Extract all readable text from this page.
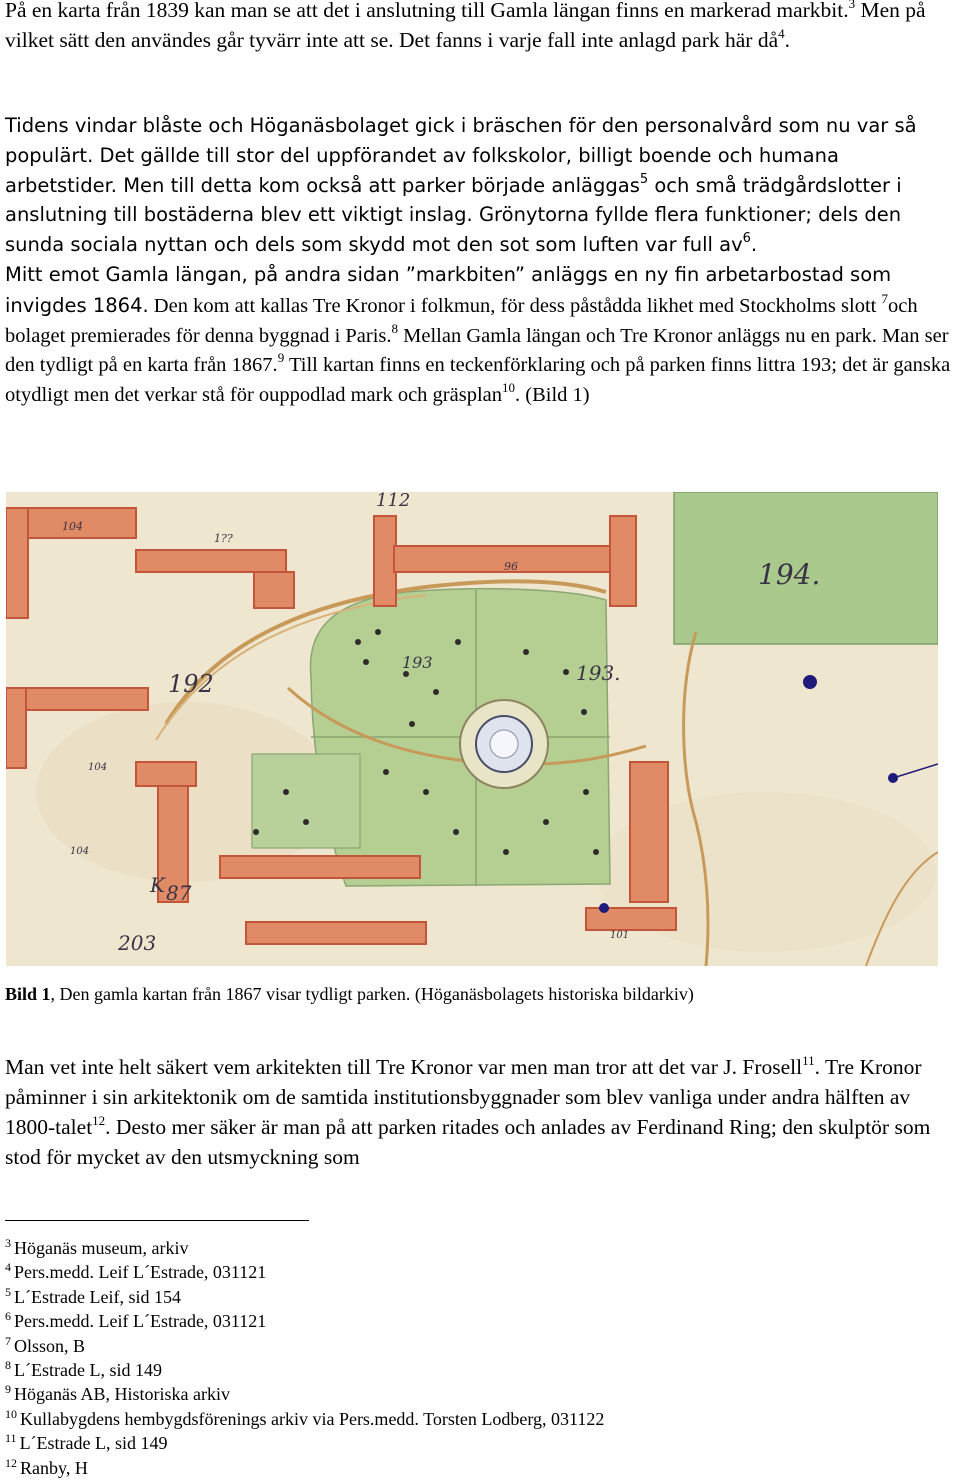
På en karta från 1839 kan man se att det i anslutning till Gamla längan finns en markerad markbit.$^3$ Men på vilket sätt den användes går tyvärr inte att se. Det fanns i varje fall inte anlagd park här $då^4$.

Tidens vindar blåste och Höganäsbolaget gick i bräschen för den personalvård som nu var så populärt. Det gällde till stor del uppförandet av folkskolor, billigt boende och humana arbetstider. Men till detta kom också att parker började anläggas$^5$ och små trädgårdslotter i anslutning till bostäderna blev ett viktigt inslag. Grönytorna fyllde flera funktioner; dels den sunda sociala nyttan och dels som skydd mot den sot som luften var full $av^6$.

Mitt emot Gamla längan, på andra sidan ”markbiten” anläggs en ny fin arbetarbostad som invigdes 1864. Den kom att kallas Tre Kronor i folkmun, för dess påstådda likhet med Stockholms slott $^7$och bolaget premierades för denna byggnad i Paris.$^8$ Mellan Gamla längan och Tre Kronor anläggs nu en park. Man ser den tydligt på en karta från 1867.$^9$ Till kartan finns en teckenförklaring och på parken finns littra 193; det är ganska otydligt men det verkar stå för ouppodlad mark och gräsplan$^{10}$. (Bild 1)

112
104
1??
96	194.
192
193	193.
104
104
K 87
203	101

Bild 1, Den gamla kartan från 1867 visar tydligt parken. (Höganäsbolagets historiska bildarkiv)

Man vet inte helt säkert vem arkitekten till Tre Kronor var men man tror att det var J. Frosell$^{11}$. Tre Kronor påminner i sin arkitektonik om de samtida institutionsbyggnader som blev vanliga under andra hälften av 1800-talet$^{12}$. Desto mer säker är man på att parken ritades och anlades av Ferdinand Ring; den skulptör som stod för mycket av den utsmyckning som

$^3$ Höganäs museum, arkiv
$^4$ Pers.medd. Leif L´Estrade, 031121
$^5$ L´Estrade Leif, sid 154
$^6$ Pers.medd. Leif L´Estrade, 031121
$^7$ Olsson, B
$^8$ L´Estrade L, sid 149
$^9$ Höganäs AB, Historiska arkiv
$^{10}$ Kullabygdens hembygdsförenings arkiv via Pers.medd. Torsten Lodberg, 031122
$^{11}$ L´Estrade L, sid 149
$^{12}$ Ranby, H
